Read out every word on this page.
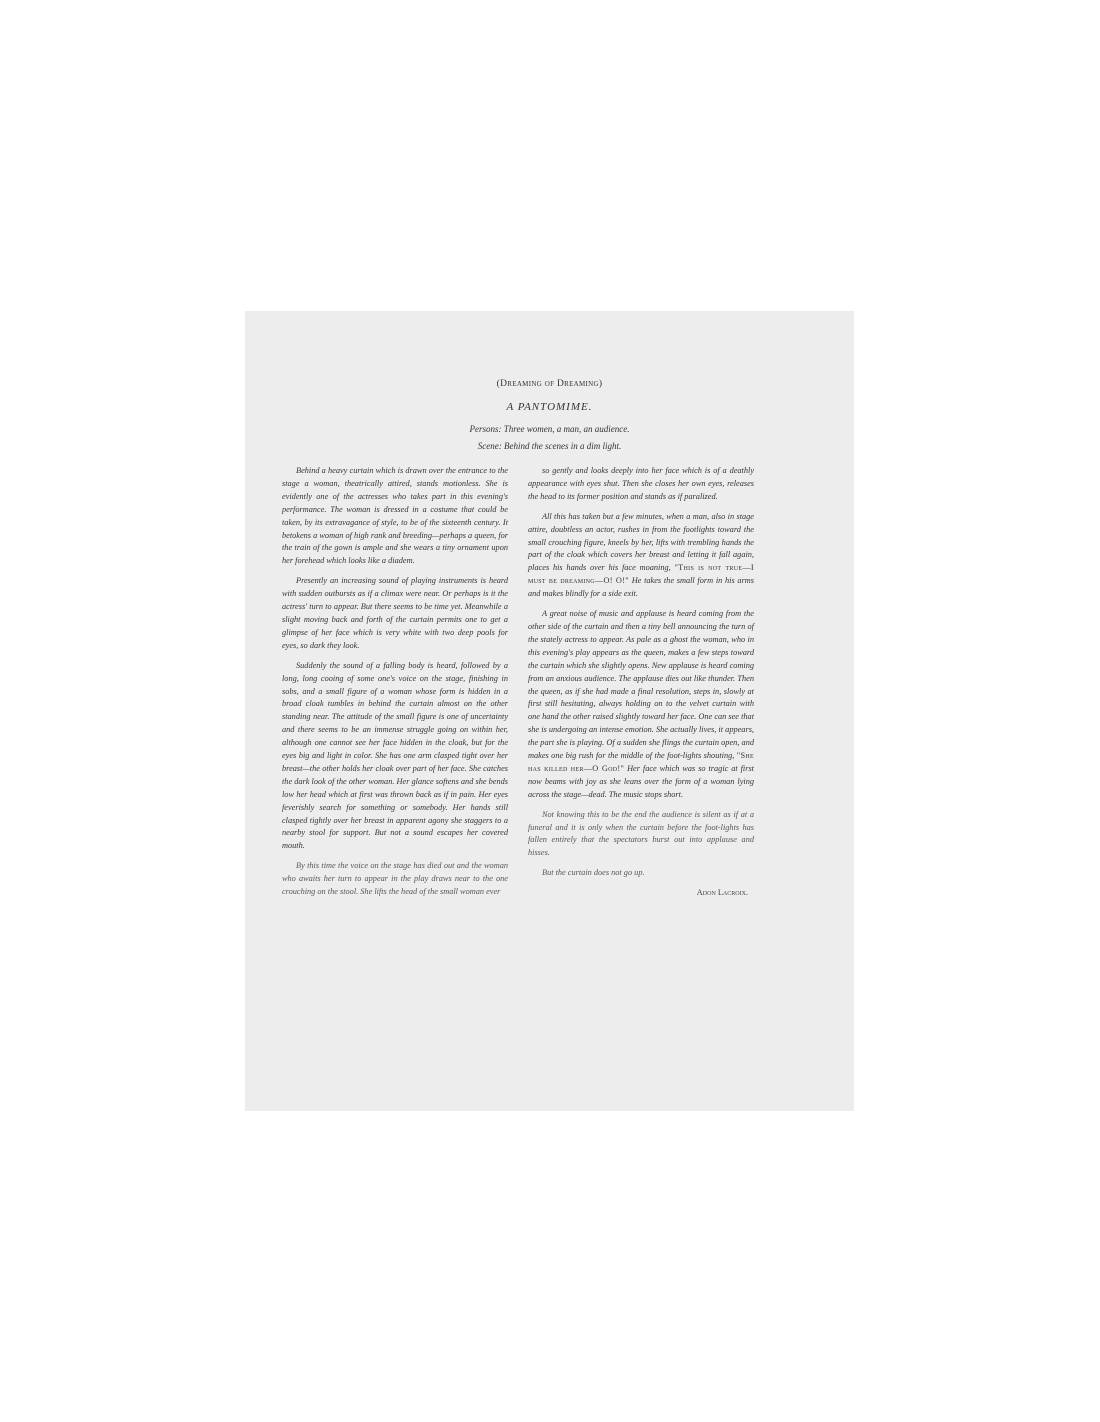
(Dreaming of Dreaming)
A PANTOMIME.
Persons: Three women, a man, an audience.
Scene: Behind the scenes in a dim light.

Behind a heavy curtain which is drawn over the entrance to the stage a woman, theatrically attired, stands motionless. She is evidently one of the actresses who takes part in this evening's performance. The woman is dressed in a costume that could be taken, by its extravagance of style, to be of the sixteenth century. It betokens a woman of high rank and breeding—perhaps a queen, for the train of the gown is ample and she wears a tiny ornament upon her forehead which looks like a diadem.

Presently an increasing sound of playing instruments is heard with sudden outbursts as if a climax were near. Or perhaps is it the actress' turn to appear. But there seems to be time yet. Meanwhile a slight moving back and forth of the curtain permits one to get a glimpse of her face which is very white with two deep pools for eyes, so dark they look.

Suddenly the sound of a falling body is heard, followed by a long, long cooing of some one's voice on the stage, finishing in sobs, and a small figure of a woman whose form is hidden in a broad cloak tumbles in behind the curtain almost on the other standing near. The attitude of the small figure is one of uncertainty and there seems to be an immense struggle going on within her, although one cannot see her face hidden in the cloak, but for the eyes big and light in color. She has one arm clasped tight over her breast—the other holds her cloak over part of her face. She catches the dark look of the other woman. Her glance softens and she bends low her head which at first was thrown back as if in pain. Her eyes feverishly search for something or somebody. Her hands still clasped tightly over her breast in apparent agony she staggers to a nearby stool for support. But not a sound escapes her covered mouth.

By this time the voice on the stage has died out and the woman who awaits her turn to appear in the play draws near to the one crouching on the stool. She lifts the head of the small woman ever

so gently and looks deeply into her face which is of a deathly appearance with eyes shut. Then she closes her own eyes, releases the head to its former position and stands as if paralized.

All this has taken but a few minutes, when a man, also in stage attire, doubtless an actor, rushes in from the footlights toward the small crouching figure, kneels by her, lifts with trembling hands the part of the cloak which covers her breast and letting it fall again, places his hands over his face moaning, "This is not true—I must be dreaming—O! O!" He takes the small form in his arms and makes blindly for a side exit.

A great noise of music and applause is heard coming from the other side of the curtain and then a tiny bell announcing the turn of the stately actress to appear. As pale as a ghost the woman, who in this evening's play appears as the queen, makes a few steps toward the curtain which she slightly opens. New applause is heard coming from an anxious audience. The applause dies out like thunder. Then the queen, as if she had made a final resolution, steps in, slowly at first still hesitating, always holding on to the velvet curtain with one hand the other raised slightly toward her face. One can see that she is undergoing an intense emotion. She actually lives, it appears, the part she is playing. Of a sudden she flings the curtain open, and makes one big rush for the middle of the foot-lights shouting, "She has killed her—O God!" Her face which was so tragic at first now beams with joy as she leans over the form of a woman lying across the stage—dead. The music stops short.

Not knowing this to be the end the audience is silent as if at a funeral and it is only when the curtain before the foot-lights has fallen entirely that the spectators burst out into applause and hisses.

But the curtain does not go up.

Adon Lacroix.
